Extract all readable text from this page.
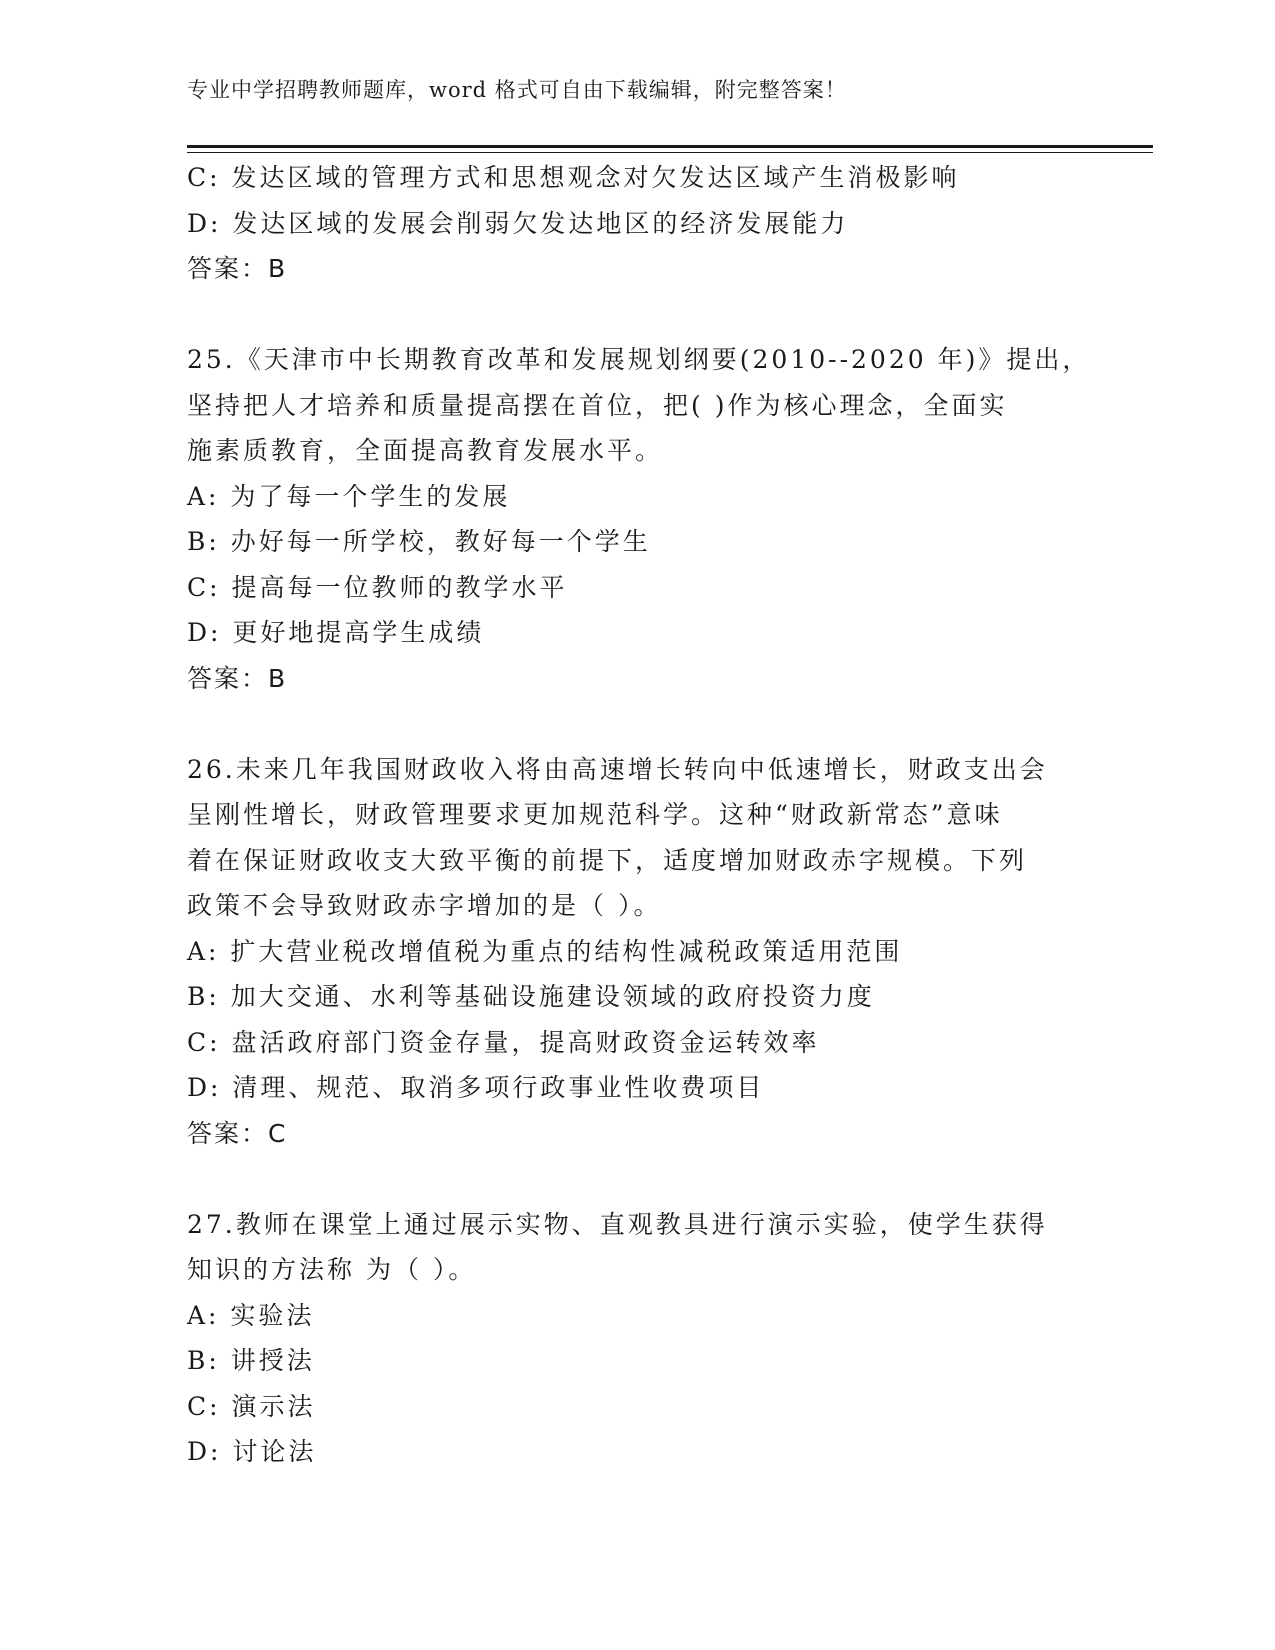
专业中学招聘教师题库，word 格式可自由下载编辑，附完整答案！
C: 发达区域的管理方式和思想观念对欠发达区域产生消极影响
D: 发达区域的发展会削弱欠发达地区的经济发展能力
答案：B
25.《天津市中长期教育改革和发展规划纲要(2010--2020 年)》提出，
坚持把人才培养和质量提高摆在首位，把( )作为核心理念，全面实
施素质教育，全面提高教育发展水平。
A: 为了每一个学生的发展
B: 办好每一所学校，教好每一个学生
C: 提高每一位教师的教学水平
D: 更好地提高学生成绩
答案：B
26.未来几年我国财政收入将由高速增长转向中低速增长，财政支出会
呈刚性增长，财政管理要求更加规范科学。这种“财政新常态”意味
着在保证财政收支大致平衡的前提下，适度增加财政赤字规模。下列
政策不会导致财政赤字增加的是（ ）。
A: 扩大营业税改增值税为重点的结构性减税政策适用范围
B: 加大交通、水利等基础设施建设领域的政府投资力度
C: 盘活政府部门资金存量，提高财政资金运转效率
D: 清理、规范、取消多项行政事业性收费项目
答案：C
27.教师在课堂上通过展示实物、直观教具进行演示实验，使学生获得
知识的方法称 为（ ）。
A: 实验法
B: 讲授法
C: 演示法
D: 讨论法
